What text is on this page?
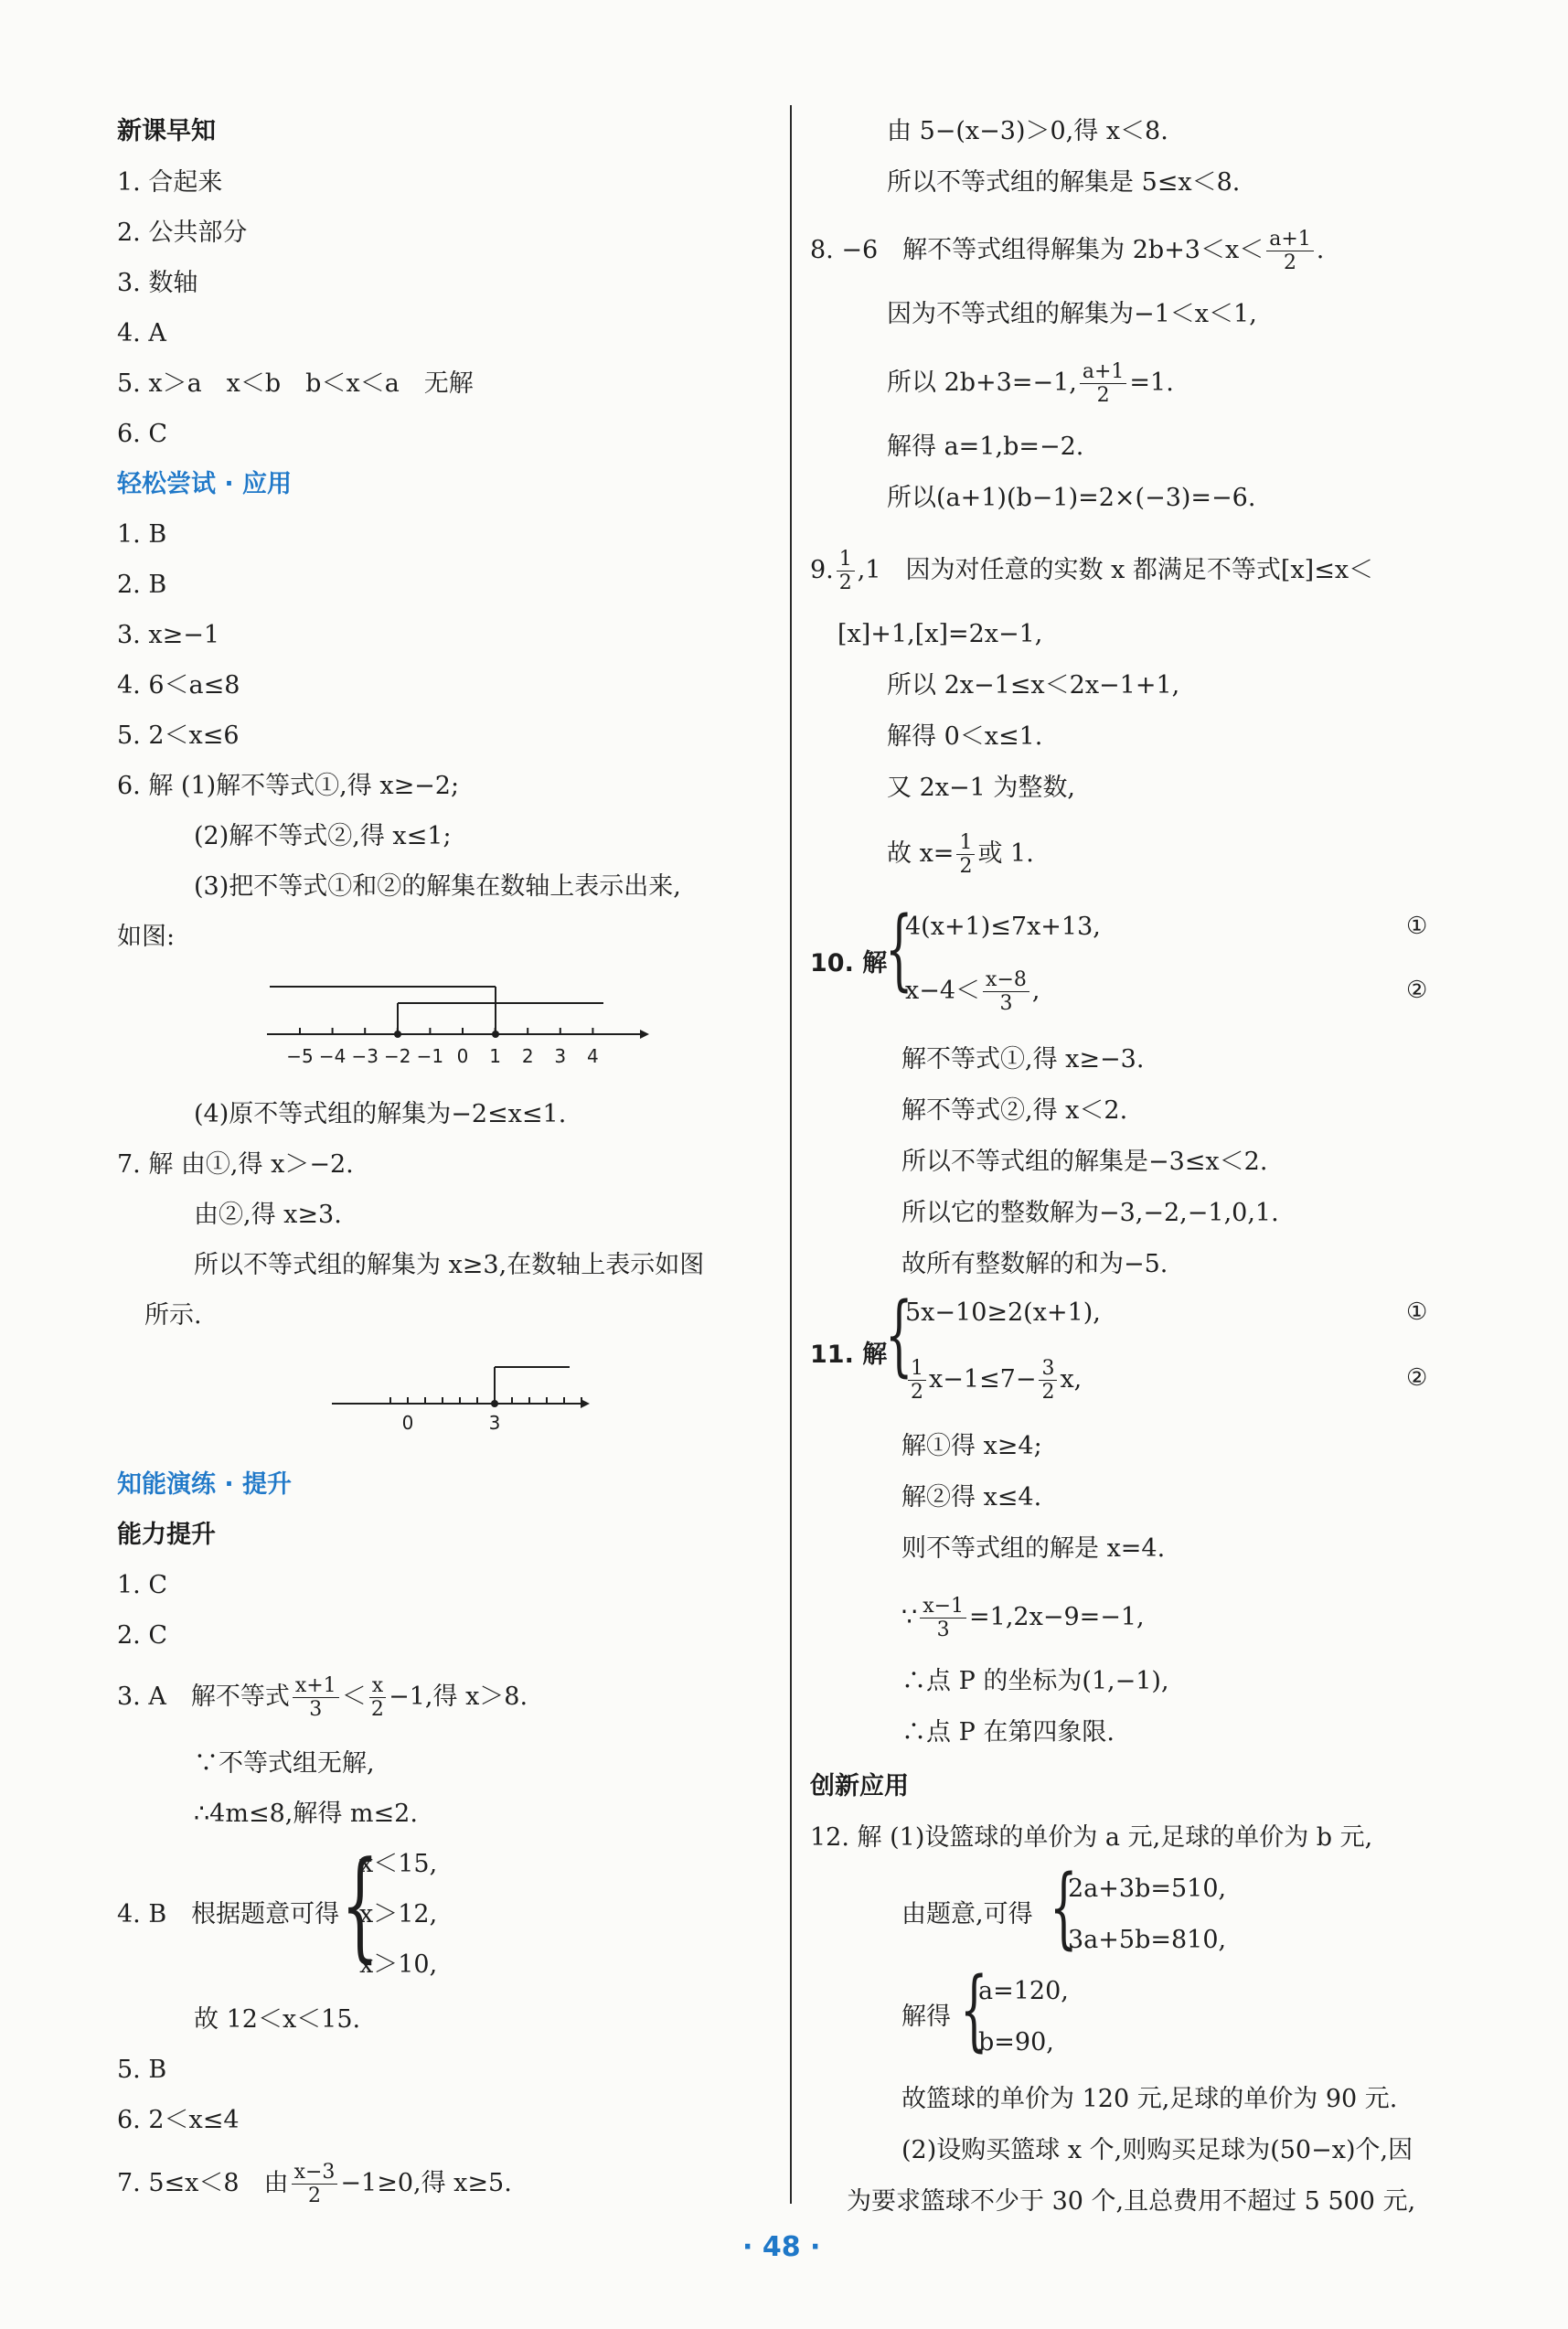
新课早知
1. 合起来
2. 公共部分
3. 数轴
4. A
5. x＞a　x＜b　b＜x＜a　无解
6. C
轻松尝试 · 应用
1. B
2. B
3. x≥−1
4. 6＜a≤8
5. 2＜x≤6
6. 解 (1)解不等式①,得 x≥−2;
(2)解不等式②,得 x≤1;
(3)把不等式①和②的解集在数轴上表示出来,
如图:
−5 −4 −3 −2 −1 0 1 2 3 4
(4)原不等式组的解集为−2≤x≤1.
7. 解 由①,得 x＞−2.
由②,得 x≥3.
所以不等式组的解集为 x≥3,在数轴上表示如图
所示.
0	3
知能演练 · 提升
能力提升
1. C
2. C
3. A　解不等式 $\frac{x+1}{3} < \frac{x}{2} -1$,得 x＞8.
∵不等式组无解,
∴4m≤8,解得 m≤2.
4. B　根据题意可得 {
x＜15,
x＞12,
x＞10,
故 12＜x＜15.
5. B
6. 2＜x≤4
7. 5≤x＜8　由 $\frac{x-3}{2} -1\ge 0$,得 x≥5.
由 5−(x−3)＞0,得 x＜8.
所以不等式组的解集是 5≤x＜8.
8. −6　解不等式组得解集为 $2b+3<x< \frac{a+1}{2}$ .
因为不等式组的解集为−1＜x＜1,
所以 2b+3=−1, $\frac{a+1}{2} =1$.
解得 a=1,b=−2.
所以(a+1)(b−1)=2×(−3)=−6.
9. $\frac{1}{2} ,1$　因为对任意的实数 x 都满足不等式[x]≤x＜
[x]+1,[x]=2x−1,
所以 2x−1≤x＜2x−1+1,
解得 0＜x≤1.
又 2x−1 为整数,
故 $x= \frac{1}{2}$ 或 1.
10. 解
{
4(x+1)≤7x+13,
$x-4< \frac{x-8}{3}$ ,
①
②
解不等式①,得 x≥−3.
解不等式②,得 x＜2.
所以不等式组的解集是−3≤x＜2.
所以它的整数解为−3,−2,−1,0,1.
故所有整数解的和为−5.
11. 解
{
5x−10≥2(x+1),
$\frac{1}{2} x-1\le 7- \frac{3}{2} x$,
①
②
解①得 x≥4;
解②得 x≤4.
则不等式组的解是 x=4.
∵ $\frac{x-1}{3} =1,2x-9=-1$,
∴点 P 的坐标为(1,−1),
∴点 P 在第四象限.
创新应用
12. 解 (1)设篮球的单价为 a 元,足球的单价为 b 元,
由题意,可得 {
2a+3b=510,
3a+5b=810,
解得 {
a=120,
b=90,
故篮球的单价为 120 元,足球的单价为 90 元.
(2)设购买篮球 x 个,则购买足球为(50−x)个,因
为要求篮球不少于 30 个,且总费用不超过 5 500 元,
· 48 ·
